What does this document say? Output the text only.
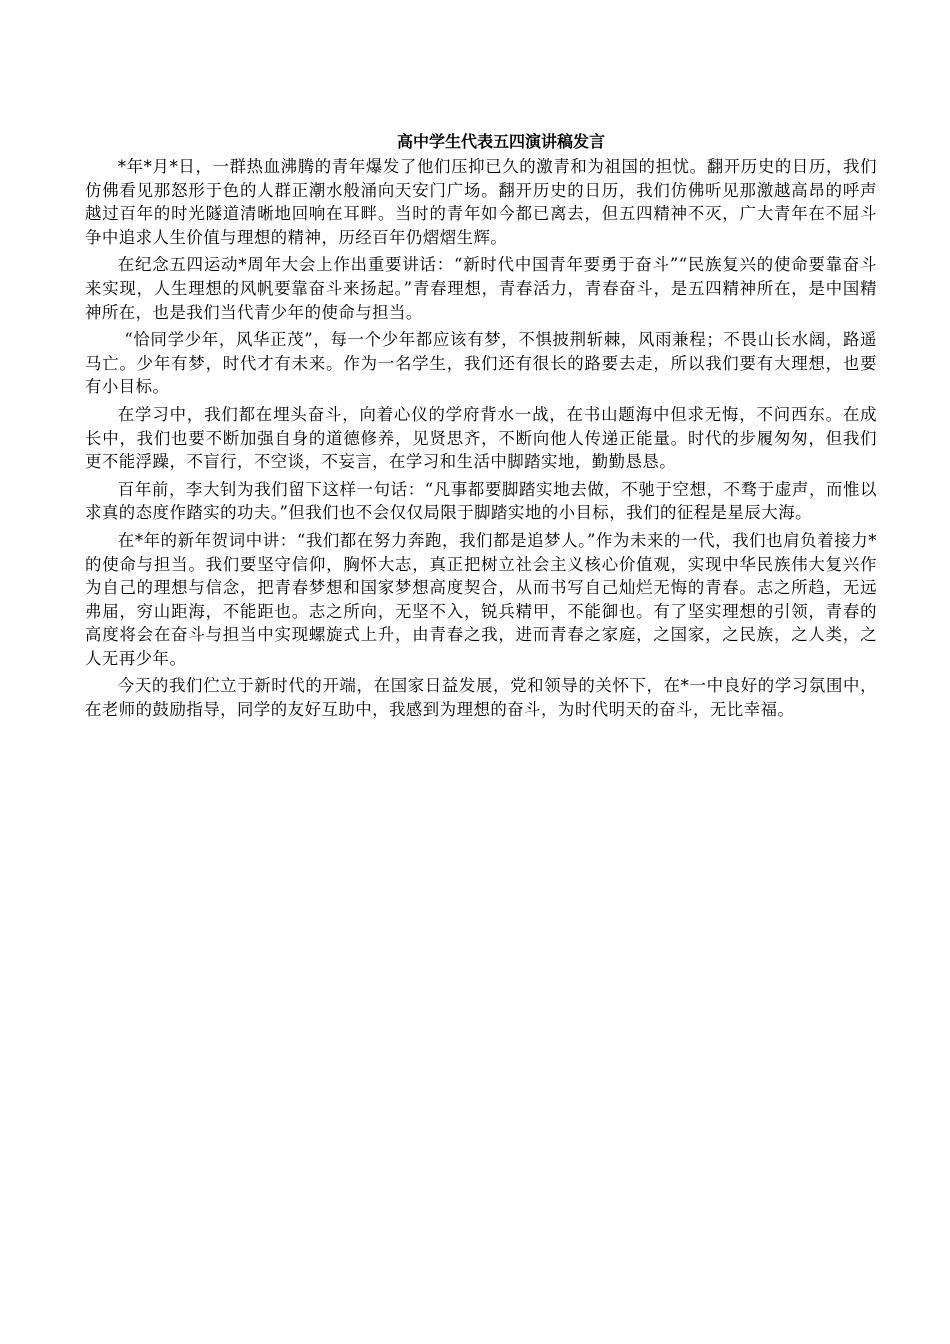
高中学生代表五四演讲稿发言

*年*月*日，一群热血沸腾的青年爆发了他们压抑已久的激青和为祖国的担忧。翻开历史的日历，我们仿佛看见那怒形于色的人群正潮水般涌向天安门广场。翻开历史的日历，我们仿佛听见那激越高昂的呼声越过百年的时光隧道清晰地回响在耳畔。当时的青年如今都已离去，但五四精神不灭，广大青年在不屈斗争中追求人生价值与理想的精神，历经百年仍熠熠生辉。

在纪念五四运动*周年大会上作出重要讲话：“新时代中国青年要勇于奋斗”“民族复兴的使命要靠奋斗来实现，人生理想的风帆要靠奋斗来扬起。”青春理想，青春活力，青春奋斗，是五四精神所在，是中国精神所在，也是我们当代青少年的使命与担当。

“恰同学少年，风华正茂”，每一个少年都应该有梦，不惧披荆斩棘，风雨兼程；不畏山长水阔，路遥马亡。少年有梦，时代才有未来。作为一名学生，我们还有很长的路要去走，所以我们要有大理想，也要有小目标。

在学习中，我们都在埋头奋斗，向着心仪的学府背水一战，在书山题海中但求无悔，不问西东。在成长中，我们也要不断加强自身的道德修养，见贤思齐，不断向他人传递正能量。时代的步履匆匆，但我们更不能浮躁，不盲行，不空谈，不妄言，在学习和生活中脚踏实地，勤勤恳恳。

百年前，李大钊为我们留下这样一句话：“凡事都要脚踏实地去做，不驰于空想，不骛于虚声，而惟以求真的态度作踏实的功夫。”但我们也不会仅仅局限于脚踏实地的小目标，我们的征程是星辰大海。

在*年的新年贺词中讲：“我们都在努力奔跑，我们都是追梦人。”作为未来的一代，我们也肩负着接力*的使命与担当。我们要坚守信仰，胸怀大志，真正把树立社会主义核心价值观，实现中华民族伟大复兴作为自己的理想与信念，把青春梦想和国家梦想高度契合，从而书写自己灿烂无悔的青春。志之所趋，无远弗届，穷山距海，不能距也。志之所向，无坚不入，锐兵精甲，不能御也。有了坚实理想的引领，青春的高度将会在奋斗与担当中实现螺旋式上升，由青春之我，进而青春之家庭，之国家，之民族，之人类，之人无再少年。

今天的我们伫立于新时代的开端，在国家日益发展，党和领导的关怀下，在*一中良好的学习氛围中，在老师的鼓励指导，同学的友好互助中，我感到为理想的奋斗，为时代明天的奋斗，无比幸福。
